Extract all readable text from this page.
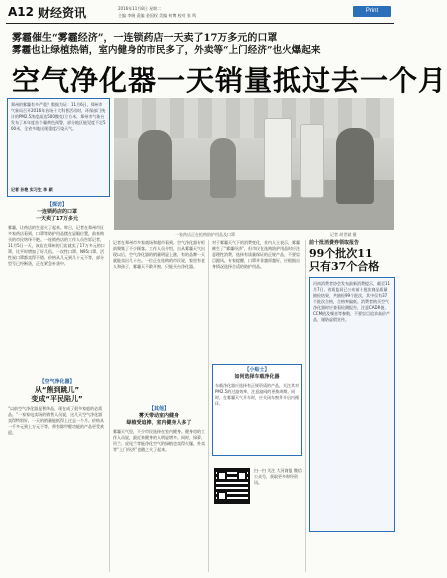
A12 财经资讯	2016年11月8日 星期二
主编 李婉 责编 金国权 美编 何博 校对 张 鸣
Print
雾霾催生“雾霾经济”，一连锁药店一天卖了17万多元的口罩
雾霾也让绿植热销，室内健身的市民多了，外卖等“上门经济”也火爆起来
空气净化器一天销量抵过去一个月
郑州的雾霾有多严重？数据为证：11月6日，郑州市气象局召开2016年首场十大科普活动时，环保部门统计的PM2.5浓度高达500微克/立方米，郑州市气象台发布了本年度首个霾黄色预警，部分地区能见度不足500米，全省多地出现重度污染天气。
记者 孙艳 实习生 李 颖
一家药店正在抢购防护用品及口罩	记者 胡世斌 摄
【探访】
一连锁药店的口罩
一天卖了17万多元
雾霾，让药店的生意火了起来。昨日，记者在郑州市区多家药店看到，口罩等防护用品摆在显眼位置，前来购买的市民络绎不绝。一连锁药店的工作人员告诉记者，11月5日一天，该店在郑州的门店就卖了17万多元的口罩，比平时增加了好几倍。一次性口罩、N95口罩、活性炭口罩都卖得不错，价格从几元到几十元不等，部分型号已经断货，正在紧急补货中。
【空气净化器】
从“熊到跳儿”
变成“平民陷儿”
“以前空气净化器是奢侈品，现在成了很多家庭的必需品。”一家家电卖场的销售人员说，这几天空气净化器卖得特别好，一天的销量能抵得上过去一个月。价格从一千多元到上万元不等，带有除甲醛功能的产品更受欢迎。
记者在郑州市多家商场和超市看到，空气净化器专柜前聚集了不少顾客。工作人员介绍，自从雾霾天气出现以后，空气净化器的销量明显上涨，有的品牌一天就能卖出几十台。一位正在选购的市民说，家里有老人和孩子，雾霾天不敢开窗，只能买台净化器。
【其他】
雾天带动室内健身
绿植受追捧、室内健身人多了
雾霾天气里，不少市民选择在室内健身。健身房的工作人员说，最近来健身的人明显增多。同时，绿萝、吊兰、虎尾兰等能净化空气的绿植也卖得火爆。外卖等“上门经济”也随之火了起来。
对于雾霾天气下的消费变化，业内人士表示，雾霾催生了“雾霾经济”，但市民在选购防护用品时应注意理性消费，选择有质量保证的正规产品，不要盲目跟风。专家提醒，口罩并非越厚越好，应根据自身情况选择合适的防护用品。
【小贴士】
如何选择车载净化器
车载净化器应选择有正规资质的产品，关注其对PM2.5的过滤效率，注意滤网的更换周期。同时，在雾霾天气开车时，应关闭车窗并开启内循环。
扫一扫 关注 大河商报 微信公众号，获取更多财经资讯。
前十批消费券领取报告
99个批次11
只有37个合格
河南消费者协会发布最新消费提示，截至11月7日，省质监局已公布前十批次商品质量抽检结果，共抽检99个批次，其中仅有37个批次合格，合格率偏低。消费者购买空气净化器时应查看检测报告，注意CADR值、CCM值及噪音等参数，不要盲目追求高价产品，谨防虚假宣传。
